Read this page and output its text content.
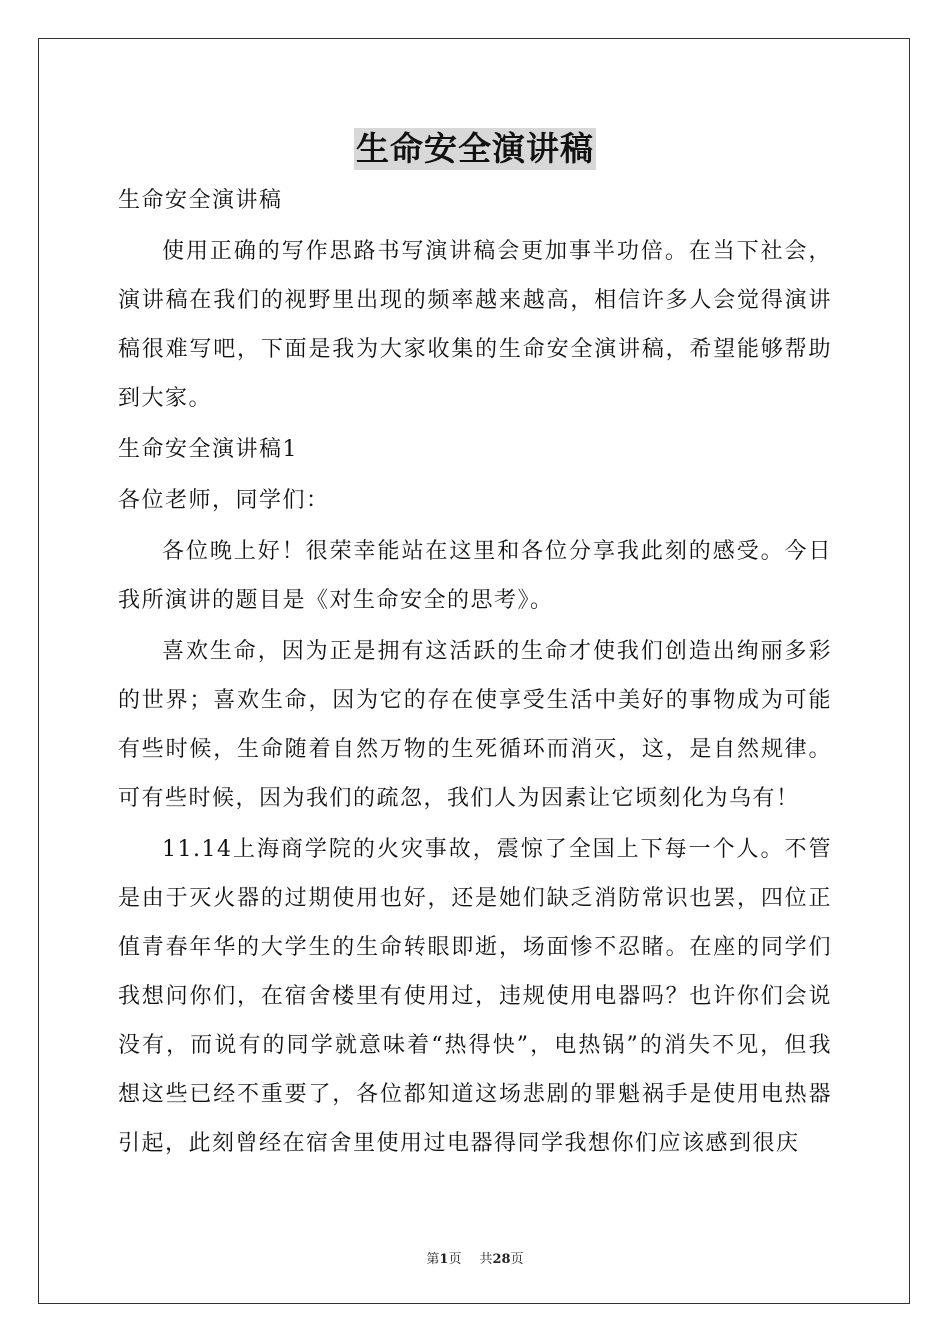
生命安全演讲稿

生命安全演讲稿

使用正确的写作思路书写演讲稿会更加事半功倍。在当下社会，演讲稿在我们的视野里出现的频率越来越高，相信许多人会觉得演讲稿很难写吧，下面是我为大家收集的生命安全演讲稿，希望能够帮助到大家。

生命安全演讲稿1

各位老师，同学们：

各位晚上好！很荣幸能站在这里和各位分享我此刻的感受。今日我所演讲的题目是《对生命安全的思考》。

喜欢生命，因为正是拥有这活跃的生命才使我们创造出绚丽多彩的世界；喜欢生命，因为它的存在使享受生活中美好的事物成为可能有些时候，生命随着自然万物的生死循环而消灭，这，是自然规律。可有些时候，因为我们的疏忽，我们人为因素让它顷刻化为乌有！

11.14上海商学院的火灾事故，震惊了全国上下每一个人。不管是由于灭火器的过期使用也好，还是她们缺乏消防常识也罢，四位正值青春年华的大学生的生命转眼即逝，场面惨不忍睹。在座的同学们我想问你们，在宿舍楼里有使用过，违规使用电器吗？也许你们会说没有，而说有的同学就意味着“热得快”，电热锅”的消失不见，但我想这些已经不重要了，各位都知道这场悲剧的罪魁祸手是使用电热器引起，此刻曾经在宿舍里使用过电器得同学我想你们应该感到很庆

第1页 共28页
